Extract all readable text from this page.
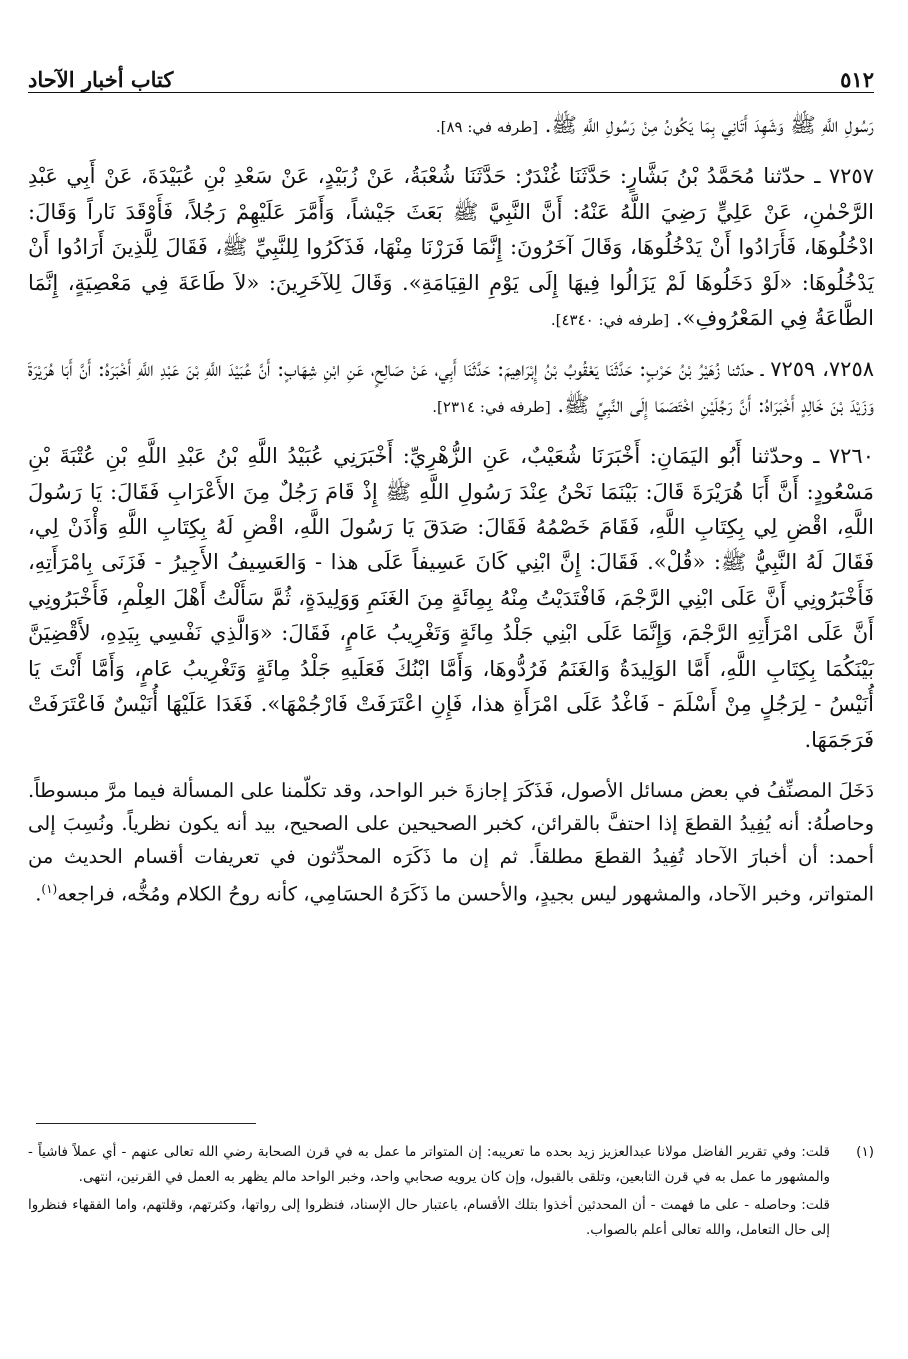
٥١٢
كتاب أخبار الآحاد

رَسُولِ اللَّهِ ﷺ وَشَهِدَ أَتَانِي بِمَا يَكُونُ مِنْ رَسُولِ اللَّهِ ﷺ. [طرفه في: ٨٩].

٧٢٥٧ ـ حدّثنا مُحَمَّدُ بْنُ بَشَّارٍ: حَدَّثَنَا غُنْدَرٌ: حَدَّثَنَا شُعْبَةُ، عَنْ زُبَيْدٍ، عَنْ سَعْدِ بْنِ عُبَيْدَةَ، عَنْ أَبِي عَبْدِ الرَّحْمٰنِ، عَنْ عَلِيٍّ رَضِيَ اللَّهُ عَنْهُ: أَنَّ النَّبِيَّ ﷺ بَعَثَ جَيْشاً، وَأَمَّرَ عَلَيْهِمْ رَجُلاً، فَأَوْقَدَ نَاراً وَقَالَ: ادْخُلُوهَا، فَأَرَادُوا أَنْ يَدْخُلُوهَا، وَقَالَ آخَرُونَ: إِنَّمَا فَرَرْنَا مِنْهَا، فَذَكَرُوا لِلنَّبِيِّ ﷺ، فَقَالَ لِلَّذِينَ أَرَادُوا أَنْ يَدْخُلُوهَا: «لَوْ دَخَلُوهَا لَمْ يَزَالُوا فِيهَا إِلَى يَوْمِ القِيَامَةِ». وَقَالَ لِلآخَرِينَ: «لاَ طَاعَةَ فِي مَعْصِيَةٍ، إِنَّمَا الطَّاعَةُ فِي المَعْرُوفِ». [طرفه في: ٤٣٤٠].

٧٢٥٨، ٧٢٥٩ ـ حدّثنا زُهَيْرُ بْنُ حَرْبٍ: حَدَّثَنَا يَعْقُوبُ بْنُ إِبْرَاهِيمَ: حَدَّثَنَا أَبِي، عَنْ صَالِحٍ، عَنِ ابْنِ شِهَابٍ: أَنَّ عُبَيْدَ اللَّهِ بْنَ عَبْدِ اللَّهِ أَخْبَرَهُ: أَنَّ أَبَا هُرَيْرَةَ وَزَيْدَ بْنَ خَالِدٍ أَخْبَرَاهُ: أَنَّ رَجُلَيْنِ اخْتَصَمَا إِلَى النَّبِيِّ ﷺ. [طرفه في: ٢٣١٤].

٧٢٦٠ ـ وحدّثنا أَبُو اليَمَانِ: أَخْبَرَنَا شُعَيْبٌ، عَنِ الزُّهْرِيِّ: أَخْبَرَنِي عُبَيْدُ اللَّهِ بْنُ عَبْدِ اللَّهِ بْنِ عُتْبَةَ بْنِ مَسْعُودٍ: أَنَّ أَبَا هُرَيْرَةَ قَالَ: بَيْنَمَا نَحْنُ عِنْدَ رَسُولِ اللَّهِ ﷺ إِذْ قَامَ رَجُلٌ مِنَ الأَعْرَابِ فَقَالَ: يَا رَسُولَ اللَّهِ، اقْضِ لِي بِكِتَابِ اللَّهِ، فَقَامَ خَصْمُهُ فَقَالَ: صَدَقَ يَا رَسُولَ اللَّهِ، اقْضِ لَهُ بِكِتَابِ اللَّهِ وَأْذَنْ لِي، فَقَالَ لَهُ النَّبِيُّ ﷺ: «قُلْ». فَقَالَ: إِنَّ ابْنِي كَانَ عَسِيفاً عَلَى هذا - وَالعَسِيفُ الأَجِيرُ - فَزَنَى بِامْرَأَتِهِ، فَأَخْبَرُونِي أَنَّ عَلَى ابْنِي الرَّجْمَ، فَافْتَدَيْتُ مِنْهُ بِمِائَةٍ مِنَ الغَنَمِ وَوَلِيدَةٍ، ثُمَّ سَأَلْتُ أَهْلَ العِلْمِ، فَأَخْبَرُونِي أَنَّ عَلَى امْرَأَتِهِ الرَّجْمَ، وَإِنَّمَا عَلَى ابْنِي جَلْدُ مِائَةٍ وَتَغْرِيبُ عَامٍ، فَقَالَ: «وَالَّذِي نَفْسِي بِيَدِهِ، لأَقْضِيَنَّ بَيْنَكُمَا بِكِتَابِ اللَّهِ، أَمَّا الوَلِيدَةُ وَالغَنَمُ فَرُدُّوهَا، وَأَمَّا ابْنُكَ فَعَلَيهِ جَلْدُ مِائَةٍ وَتَغْرِيبُ عَامٍ، وَأَمَّا أَنْتَ يَا أُنَيْسُ - لِرَجُلٍ مِنْ أَسْلَمَ - فَاغْدُ عَلَى امْرَأَةِ هذا، فَإِنِ اعْتَرَفَتْ فَارْجُمْهَا». فَغَدَا عَلَيْهَا أُنَيْسٌ فَاعْتَرَفَتْ فَرَجَمَهَا.

دَخَلَ المصنِّفُ في بعض مسائل الأصول، فَذَكَرَ إجازةَ خبر الواحد، وقد تكلّمنا على المسألة فيما مرَّ مبسوطاً. وحاصلُهُ: أنه يُفِيدُ القطعَ إذا احتفَّ بالقرائن، كخبر الصحيحين على الصحيح، بيد أنه يكون نظرياً. ونُسِبَ إلى أحمد: أن أخبارَ الآحاد تُفِيدُ القطعَ مطلقاً. ثم إن ما ذَكَرَه المحدِّثون في تعريفات أقسام الحديث من المتواتر، وخبر الآحاد، والمشهور ليس بجيدٍ، والأحسن ما ذَكَرَهُ الحسَامِي، كأنه روحُ الكلام ومُخُّه، فراجعه$^{(١)}$.

(١)
قلت: وفي تقرير الفاضل مولانا عبدالعزيز زيد بحده ما تعريبه: إن المتواتر ما عمل به في قرن الصحابة رضي الله تعالى عنهم - أي عملاً فاشياً - والمشهور ما عمل به في قرن التابعين، وتلقى بالقبول، وإن كان يرويه صحابي واحد، وخبر الواحد مالم يظهر به العمل في القرنين، انتهى.
قلت: وحاصله - على ما فهمت - أن المحدثين أخذوا بتلك الأقسام، باعتبار حال الإسناد، فنظروا إلى رواتها، وكثرتهم، وقلتهم، واما الفقهاء فنظروا إلى حال التعامل، والله تعالى أعلم بالصواب.
